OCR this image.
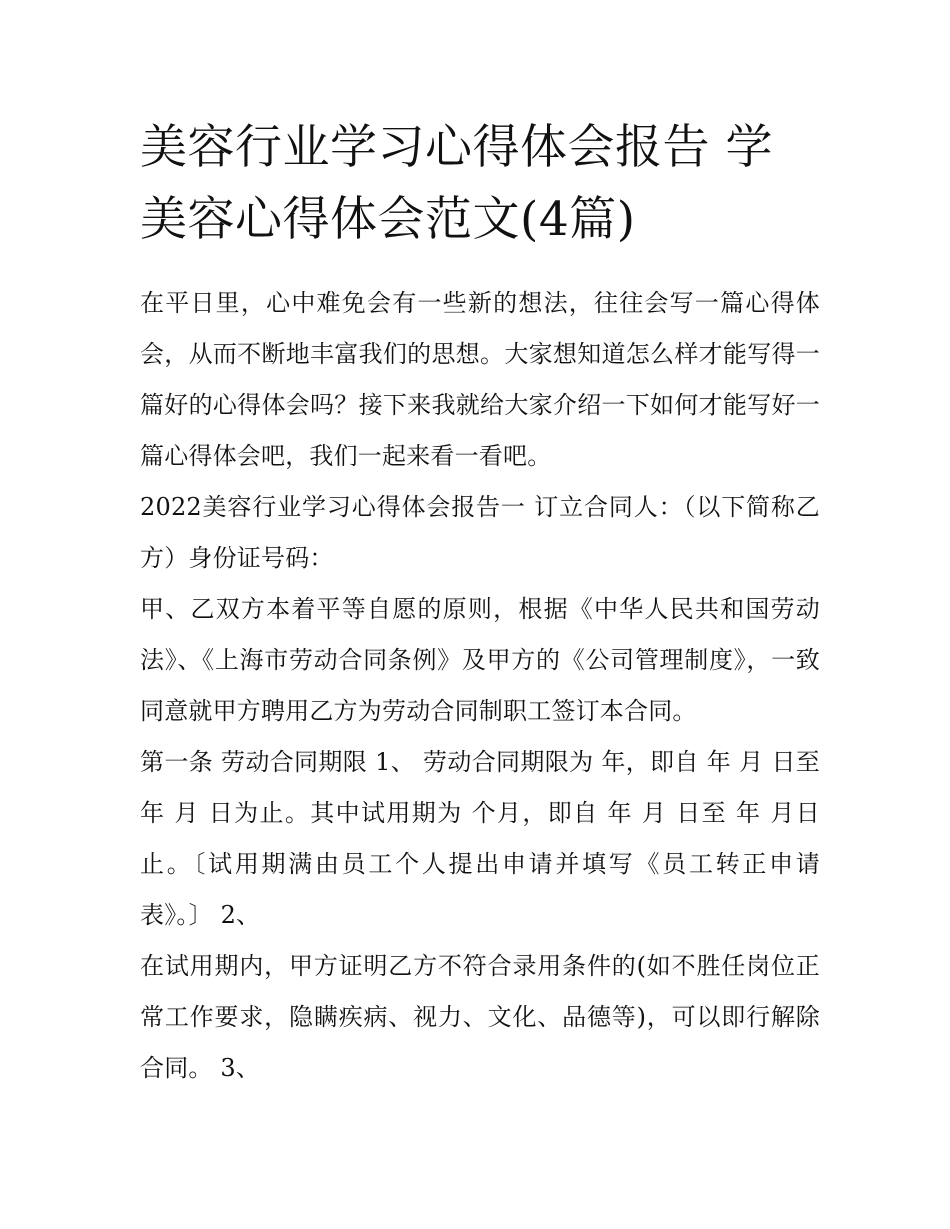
美容行业学习心得体会报告 学美容心得体会范文(4篇)

在平日里，心中难免会有一些新的想法，往往会写一篇心得体会，从而不断地丰富我们的思想。大家想知道怎么样才能写得一篇好的心得体会吗？接下来我就给大家介绍一下如何才能写好一篇心得体会吧，我们一起来看一看吧。

2022美容行业学习心得体会报告一 订立合同人：（以下简称乙方）身份证号码：

甲、乙双方本着平等自愿的原则，根据《中华人民共和国劳动法》、《上海市劳动合同条例》及甲方的《公司管理制度》，一致同意就甲方聘用乙方为劳动合同制职工签订本合同。

第一条 劳动合同期限 1、 劳动合同期限为 年，即自 年 月 日至 年 月 日为止。其中试用期为 个月，即自 年 月 日至 年 月日止。〔试用期满由员工个人提出申请并填写《员工转正申请表》。〕 2、

在试用期内，甲方证明乙方不符合录用条件的(如不胜任岗位正常工作要求，隐瞒疾病、视力、文化、品德等)，可以即行解除合同。 3、
